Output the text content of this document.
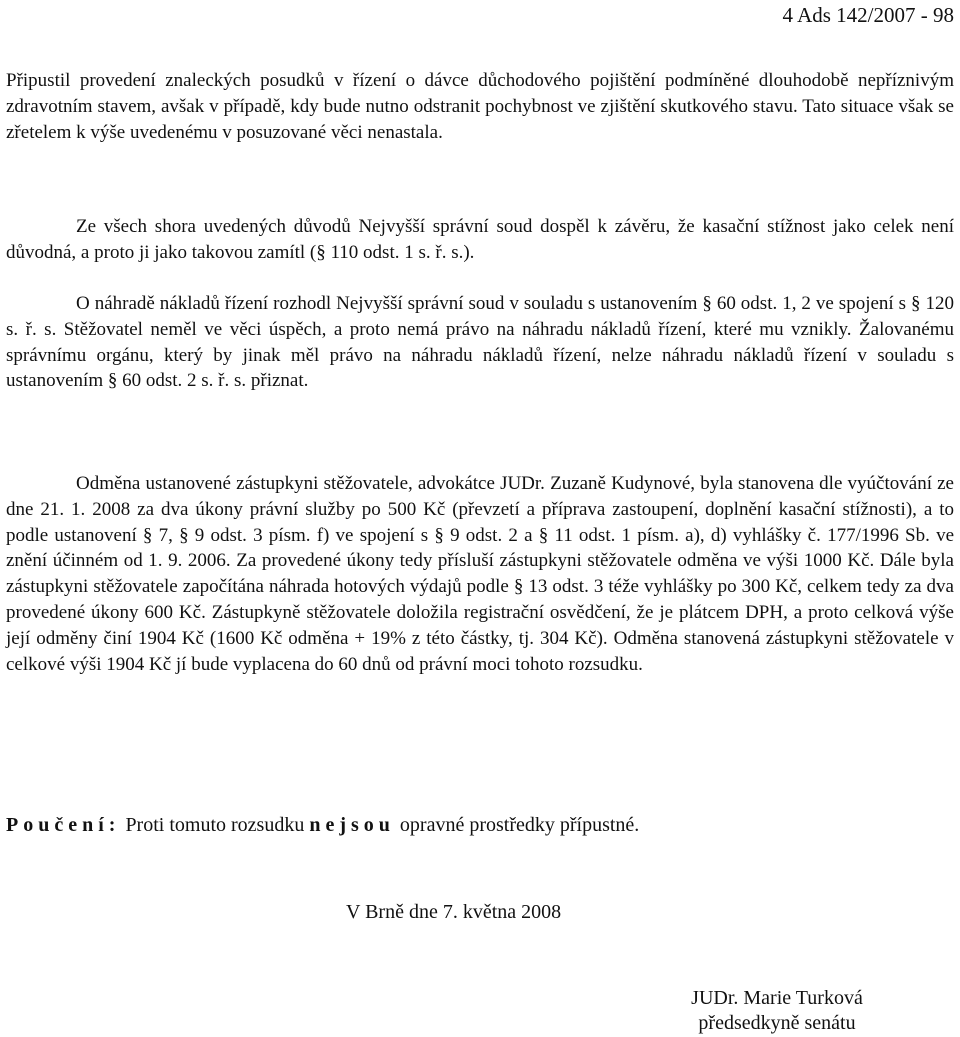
4 Ads 142/2007 - 98
Připustil provedení znaleckých posudků v řízení o dávce důchodového pojištění podmíněné dlouhodobě nepříznivým zdravotním stavem, avšak v případě, kdy bude nutno odstranit pochybnost ve zjištění skutkového stavu. Tato situace však se zřetelem k výše uvedenému v posuzované věci nenastala.
Ze všech shora uvedených důvodů Nejvyšší správní soud dospěl k závěru, že kasační stížnost jako celek není důvodná, a proto ji jako takovou zamítl (§ 110 odst. 1 s. ř. s.).
O náhradě nákladů řízení rozhodl Nejvyšší správní soud v souladu s ustanovením § 60 odst. 1, 2 ve spojení s § 120 s. ř. s. Stěžovatel neměl ve věci úspěch, a proto nemá právo na náhradu nákladů řízení, které mu vznikly. Žalovanému správnímu orgánu, který by jinak měl právo na náhradu nákladů řízení, nelze náhradu nákladů řízení v souladu s ustanovením § 60 odst. 2 s. ř. s. přiznat.
Odměna ustanovené zástupkyni stěžovatele, advokátce JUDr. Zuzaně Kudynové, byla stanovena dle vyúčtování ze dne 21. 1. 2008 za dva úkony právní služby po 500 Kč (převzetí a příprava zastoupení, doplnění kasační stížnosti), a to podle ustanovení § 7, § 9 odst. 3 písm. f) ve spojení s § 9 odst. 2 a § 11 odst. 1 písm. a), d) vyhlášky č. 177/1996 Sb. ve znění účinném od 1. 9. 2006. Za provedené úkony tedy přísluší zástupkyni stěžovatele odměna ve výši 1000 Kč. Dále byla zástupkyni stěžovatele započítána náhrada hotových výdajů podle § 13 odst. 3 téže vyhlášky po 300 Kč, celkem tedy za dva provedené úkony 600 Kč. Zástupkyně stěžovatele doložila registrační osvědčení, že je plátcem DPH, a proto celková výše její odměny činí 1904 Kč (1600 Kč odměna + 19% z této částky, tj. 304 Kč). Odměna stanovená zástupkyni stěžovatele v celkové výši 1904 Kč jí bude vyplacena do 60 dnů od právní moci tohoto rozsudku.
Poučení: Proti tomuto rozsudku nejsou opravné prostředky přípustné.
V Brně dne 7. května 2008
JUDr. Marie Turková
předsedkyně senátu
